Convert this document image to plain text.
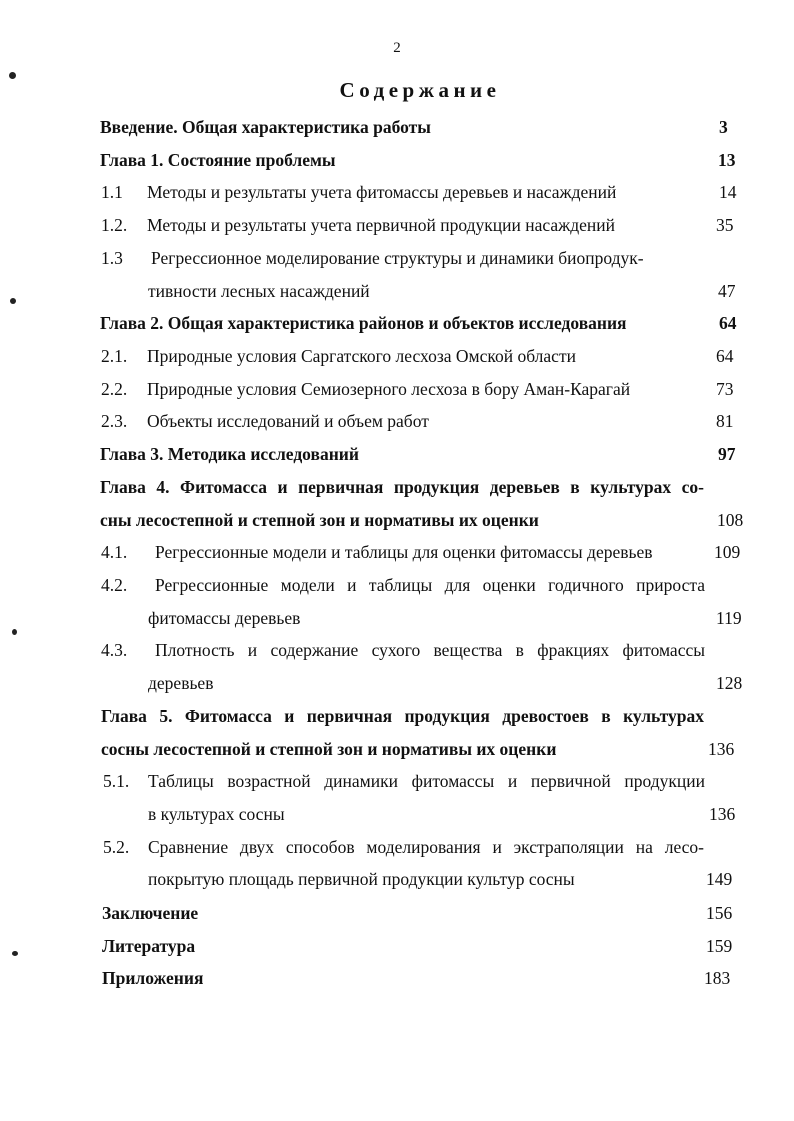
2
Содержание
Введение. Общая характеристика работы	3
Глава 1. Состояние проблемы	13
1.1 Методы и результаты учета фитомассы деревьев и насаждений	14
1.2. Методы и результаты учета первичной продукции насаждений	35
1.3 Регрессионное моделирование структуры и динамики биопродук-
тивности лесных насаждений	47
Глава 2. Общая характеристика районов и объектов исследования	64
2.1. Природные условия Саргатского лесхоза Омской области	64
2.2. Природные условия Семиозерного лесхоза в бору Аман-Карагай	73
2.3. Объекты исследований и объем работ	81
Глава 3. Методика исследований	97
Глава 4. Фитомасса и первичная продукция деревьев в культурах со-
сны лесостепной и степной зон и нормативы их оценки	108
4.1. Регрессионные модели и таблицы для оценки фитомассы деревьев	109
4.2. Регрессионные модели и таблицы для оценки годичного прироста
фитомассы деревьев	119
4.3. Плотность и содержание сухого вещества в фракциях фитомассы
деревьев	128
Глава 5. Фитомасса и первичная продукция древостоев в культурах
сосны лесостепной и степной зон и нормативы их оценки	136
5.1. Таблицы возрастной динамики фитомассы и первичной продукции
в культурах сосны	136
5.2. Сравнение двух способов моделирования и экстраполяции на лесо-
покрытую площадь первичной продукции культур сосны	149
Заключение	156
Литература	159
Приложения	183
